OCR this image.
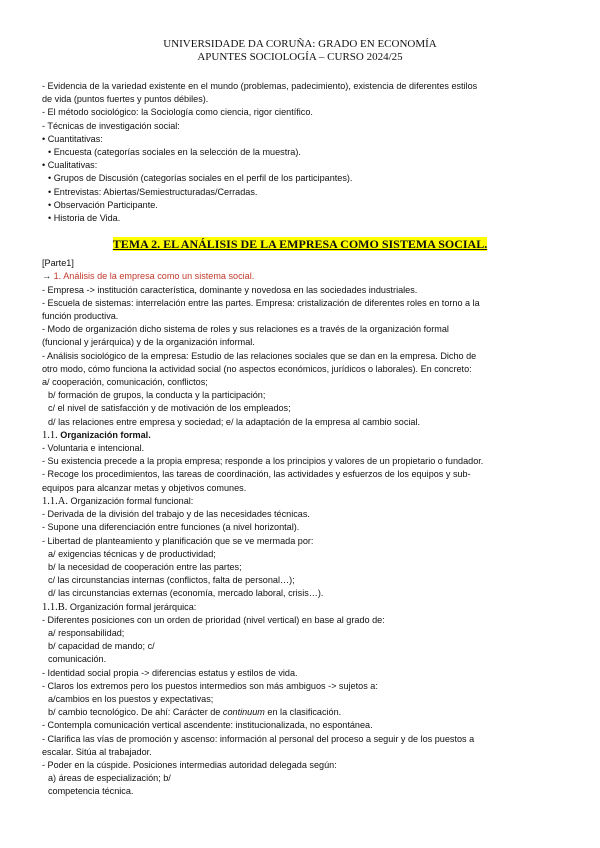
UNIVERSIDADE DA CORUÑA: GRADO EN ECONOMÍA
APUNTES SOCIOLOGÍA – CURSO 2024/25
- Evidencia de la variedad existente en el mundo (problemas, padecimiento), existencia de diferentes estilos
de vida (puntos fuertes y puntos débiles).
- El método sociológico: la Sociología como ciencia, rigor científico.
- Técnicas de investigación social:
• Cuantitativas:
• Encuesta (categorías sociales en la selección de la muestra).
• Cualitativas:
• Grupos de Discusión (categorías sociales en el perfil de los participantes).
• Entrevistas: Abiertas/Semiestructuradas/Cerradas.
• Observación Participante.
• Historia de Vida.
TEMA 2. EL ANÁLISIS DE LA EMPRESA COMO SISTEMA SOCIAL.
[Parte1]
→ 1. Análisis de la empresa como un sistema social.
- Empresa -> institución característica, dominante y novedosa en las sociedades industriales.
- Escuela de sistemas: interrelación entre las partes. Empresa: cristalización de diferentes roles en torno a la
función productiva.
- Modo de organización dicho sistema de roles y sus relaciones es a través de la organización formal
(funcional y jerárquica) y de la organización informal.
- Análisis sociológico de la empresa: Estudio de las relaciones sociales que se dan en la empresa. Dicho de
otro modo, cómo funciona la actividad social (no aspectos económicos, jurídicos o laborales). En concreto:
a/ cooperación, comunicación, conflictos;
b/ formación de grupos, la conducta y la participación;
c/ el nivel de satisfacción y de motivación de los empleados;
d/ las relaciones entre empresa y sociedad; e/ la adaptación de la empresa al cambio social.
1.1. Organización formal.
- Voluntaria e intencional.
- Su existencia precede a la propia empresa; responde a los principios y valores de un propietario o fundador.
- Recoge los procedimientos, las tareas de coordinación, las actividades y esfuerzos de los equipos y sub-
equipos para alcanzar metas y objetivos comunes.
1.1.A. Organización formal funcional:
- Derivada de la división del trabajo y de las necesidades técnicas.
- Supone una diferenciación entre funciones (a nivel horizontal).
- Libertad de planteamiento y planificación que se ve mermada por:
a/ exigencias técnicas y de productividad;
b/ la necesidad de cooperación entre las partes;
c/ las circunstancias internas (conflictos, falta de personal…);
d/ las circunstancias externas (economía, mercado laboral, crisis…).
1.1.B. Organización formal jerárquica:
- Diferentes posiciones con un orden de prioridad (nivel vertical) en base al grado de:
a/ responsabilidad;
b/ capacidad de mando; c/
comunicación.
- Identidad social propia -> diferencias estatus y estilos de vida.
- Claros los extremos pero los puestos intermedios son más ambiguos -> sujetos a:
a/cambios en los puestos y expectativas;
b/ cambio tecnológico. De ahí: Carácter de continuum en la clasificación.
- Contempla comunicación vertical ascendente: institucionalizada, no espontánea.
- Clarifica las vías de promoción y ascenso: información al personal del proceso a seguir y de los puestos a
escalar. Sitúa al trabajador.
- Poder en la cúspide. Posiciones intermedias autoridad delegada según:
a) áreas de especialización; b/
competencia técnica.
